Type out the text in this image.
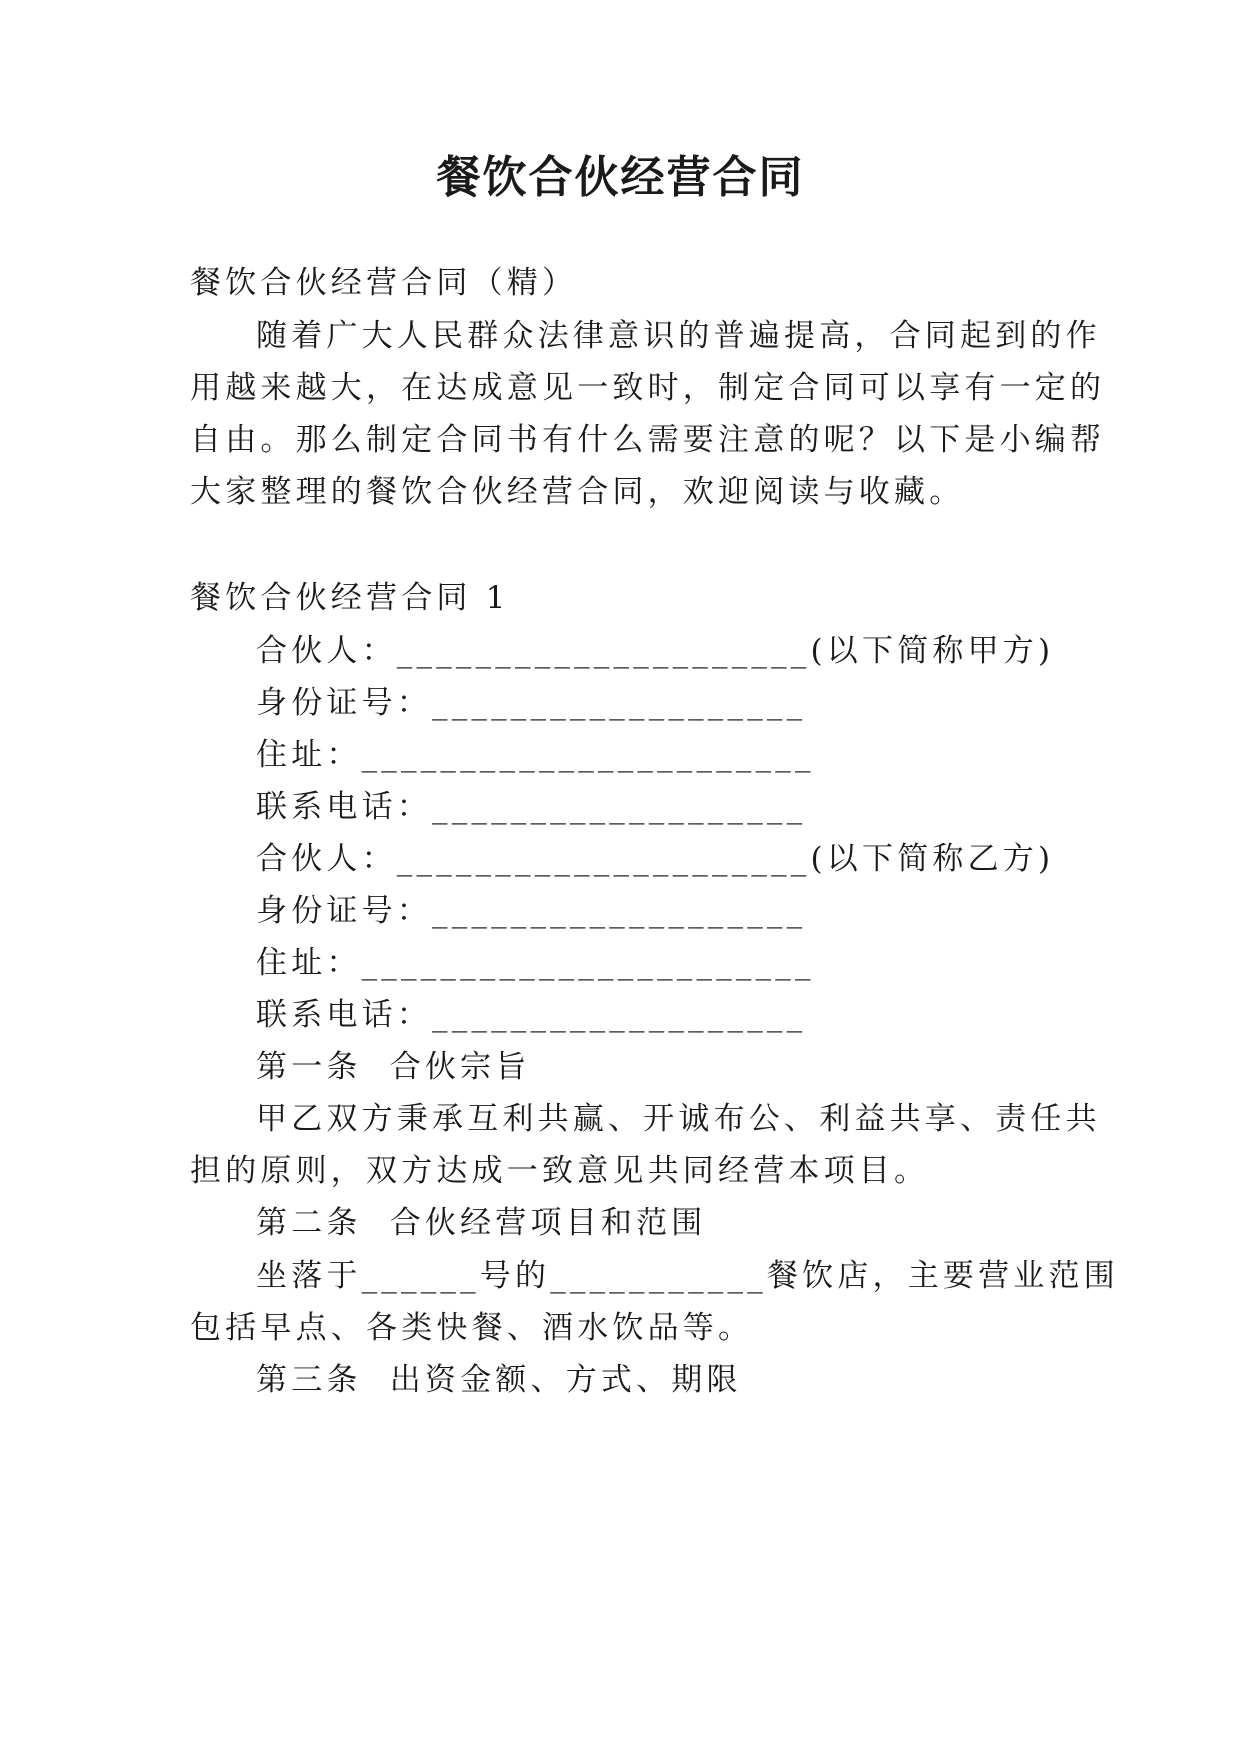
餐饮合伙经营合同
餐饮合伙经营合同（精）
随着广大人民群众法律意识的普遍提高，合同起到的作
用越来越大，在达成意见一致时，制定合同可以享有一定的
自由。那么制定合同书有什么需要注意的呢？以下是小编帮
大家整理的餐饮合伙经营合同，欢迎阅读与收藏。
餐饮合伙经营合同 1
合伙人：_____________________(以下简称甲方)
身份证号：___________________
住址：_______________________
联系电话：___________________
合伙人：_____________________(以下简称乙方)
身份证号：___________________
住址：_______________________
联系电话：___________________
第一条  合伙宗旨
甲乙双方秉承互利共赢、开诚布公、利益共享、责任共
担的原则，双方达成一致意见共同经营本项目。
第二条  合伙经营项目和范围
坐落于______号的___________餐饮店，主要营业范围
包括早点、各类快餐、酒水饮品等。
第三条  出资金额、方式、期限
